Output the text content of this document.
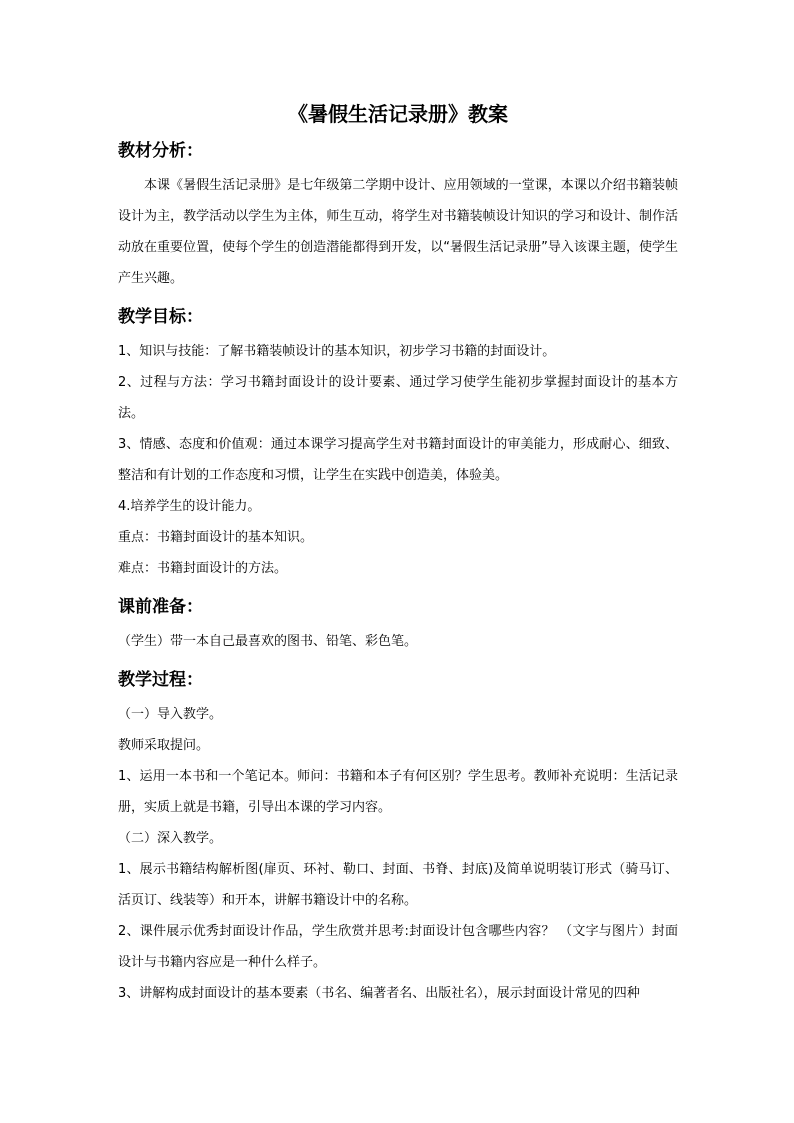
《暑假生活记录册》教案
教材分析：

本课《暑假生活记录册》是七年级第二学期中设计、应用领域的一堂课，本课以介绍书籍装帧设计为主，教学活动以学生为主体，师生互动，将学生对书籍装帧设计知识的学习和设计、制作活动放在重要位置，使每个学生的创造潜能都得到开发，以“暑假生活记录册”导入该课主题，使学生产生兴趣。

教学目标：

1、知识与技能：了解书籍装帧设计的基本知识，初步学习书籍的封面设计。

2、过程与方法：学习书籍封面设计的设计要素、通过学习使学生能初步掌握封面设计的基本方法。

3、情感、态度和价值观：通过本课学习提高学生对书籍封面设计的审美能力，形成耐心、细致、整洁和有计划的工作态度和习惯，让学生在实践中创造美，体验美。

4.培养学生的设计能力。

重点：书籍封面设计的基本知识。

难点：书籍封面设计的方法。

课前准备：

（学生）带一本自己最喜欢的图书、铅笔、彩色笔。

教学过程：

（一）导入教学。

教师采取提问。

1、运用一本书和一个笔记本。师问：书籍和本子有何区别？学生思考。教师补充说明：生活记录册，实质上就是书籍，引导出本课的学习内容。

（二）深入教学。

1、展示书籍结构解析图(扉页、环衬、勒口、封面、书脊、封底)及简单说明装订形式（骑马订、活页订、线装等）和开本，讲解书籍设计中的名称。

2、课件展示优秀封面设计作品，学生欣赏并思考:封面设计包含哪些内容？ （文字与图片）封面设计与书籍内容应是一种什么样子。

3、讲解构成封面设计的基本要素（书名、编著者名、出版社名），展示封面设计常见的四种
